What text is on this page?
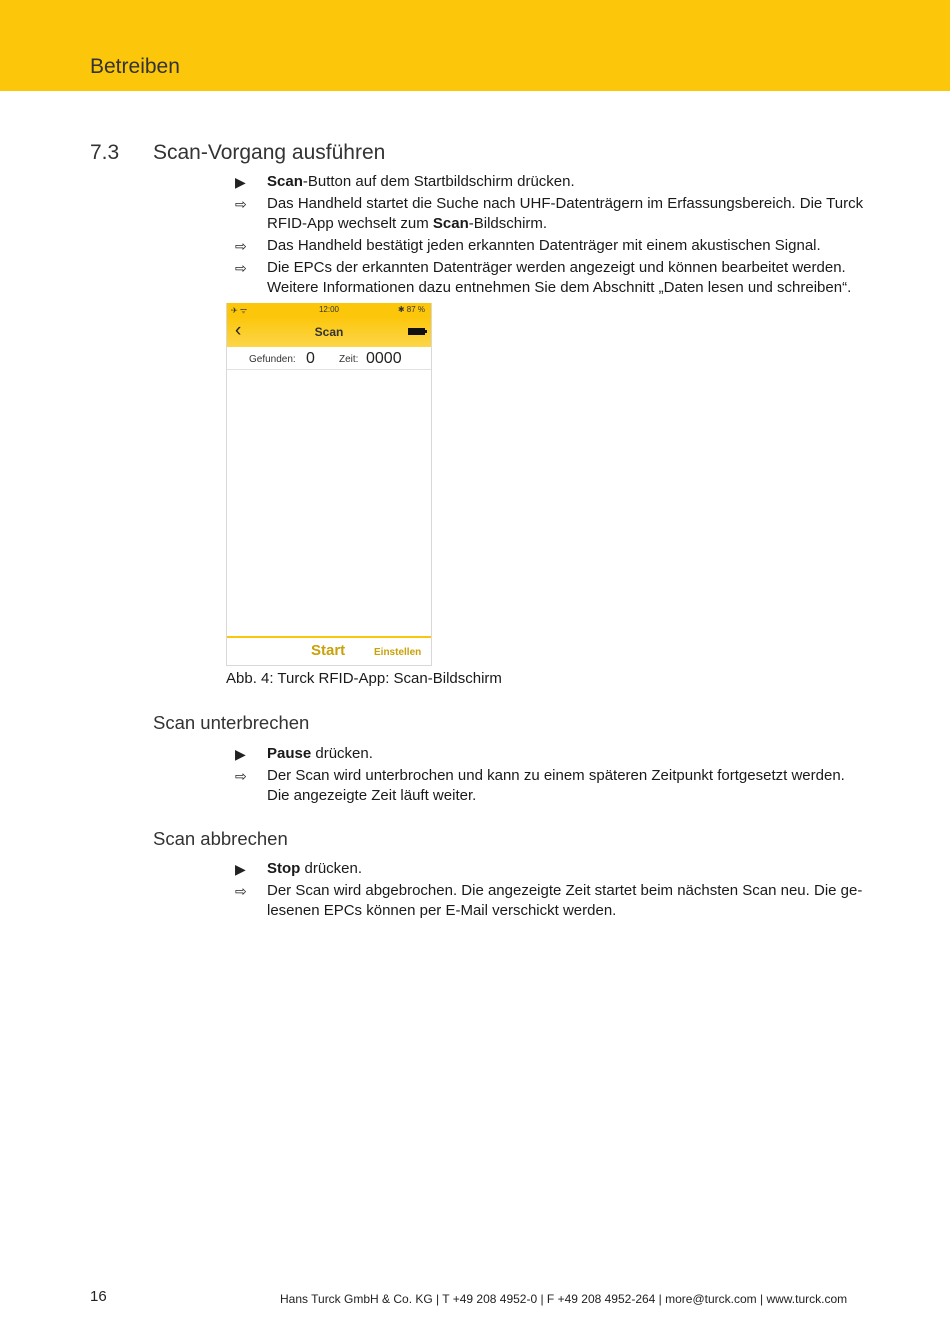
Betreiben
7.3 Scan-Vorgang ausführen
▶	Scan-Button auf dem Startbildschirm drücken.

⇨	Das Handheld startet die Suche nach UHF-Datenträgern im Erfassungsbereich. Die Turck

RFID-App wechselt zum Scan-Bildschirm.

⇨	Das Handheld bestätigt jeden erkannten Datenträger mit einem akustischen Signal.

⇨	Die EPCs der erkannten Datenträger werden angezeigt und können bearbeitet werden.

Weitere Informationen dazu entnehmen Sie dem Abschnitt „Daten lesen und schreiben“.

✈ ᯤ	12:00	✱ 87 %
‹	Scan
Gefunden: 0 Zeit: 0000
Start	Einstellen
Abb. 4: Turck RFID-App: Scan-Bildschirm
Scan unterbrechen
▶	Pause drücken.

⇨	Der Scan wird unterbrochen und kann zu einem späteren Zeitpunkt fortgesetzt werden.

Die angezeigte Zeit läuft weiter.

Scan abbrechen
▶	Stop drücken.

⇨	Der Scan wird abgebrochen. Die angezeigte Zeit startet beim nächsten Scan neu. Die ge-

lesenen EPCs können per E-Mail verschickt werden.

16	Hans Turck GmbH & Co. KG | T +49 208 4952-0 | F +49 208 4952-264 | more@turck.com | www.turck.com
